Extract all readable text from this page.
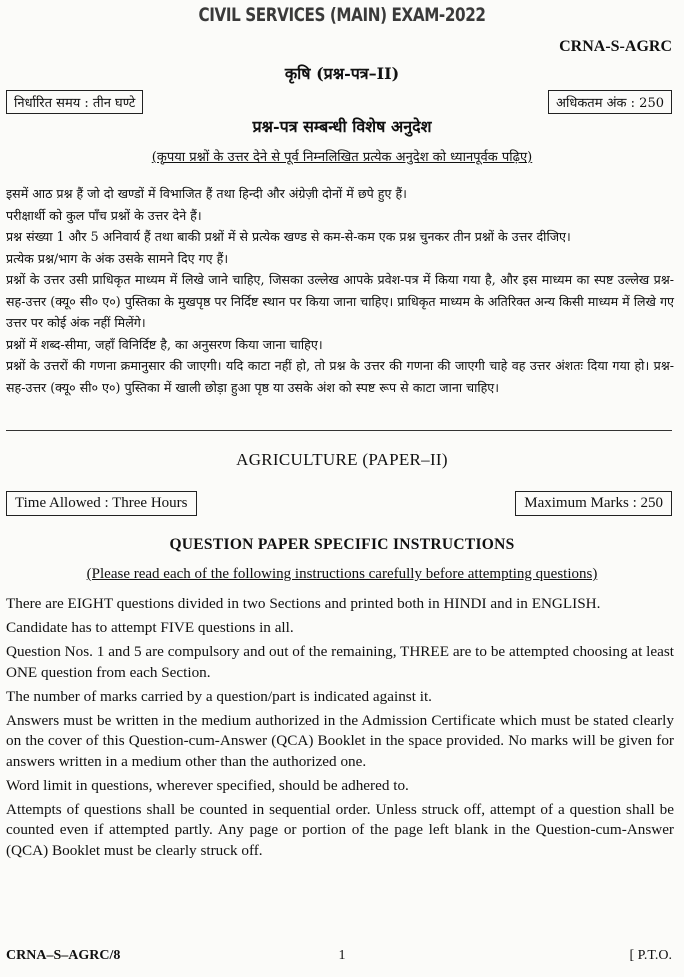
CIVIL SERVICES (MAIN) EXAM-2022
CRNA-S-AGRC
कृषि (प्रश्न-पत्र–II)
निर्धारित समय : तीन घण्टे	अधिकतम अंक : 250
प्रश्न-पत्र सम्बन्धी विशेष अनुदेश
(कृपया प्रश्नों के उत्तर देने से पूर्व निम्नलिखित प्रत्येक अनुदेश को ध्यानपूर्वक पढ़िए)

इसमें आठ प्रश्न हैं जो दो खण्डों में विभाजित हैं तथा हिन्दी और अंग्रेज़ी दोनों में छपे हुए हैं।

परीक्षार्थी को कुल पाँच प्रश्नों के उत्तर देने हैं।

प्रश्न संख्या 1 और 5 अनिवार्य हैं तथा बाकी प्रश्नों में से प्रत्येक खण्ड से कम-से-कम एक प्रश्न चुनकर तीन प्रश्नों के उत्तर दीजिए।

प्रत्येक प्रश्न/भाग के अंक उसके सामने दिए गए हैं।

प्रश्नों के उत्तर उसी प्राधिकृत माध्यम में लिखे जाने चाहिए, जिसका उल्लेख आपके प्रवेश-पत्र में किया गया है, और इस माध्यम का स्पष्ट उल्लेख प्रश्न-सह-उत्तर (क्यू० सी० ए०) पुस्तिका के मुखपृष्ठ पर निर्दिष्ट स्थान पर किया जाना चाहिए। प्राधिकृत माध्यम के अतिरिक्त अन्य किसी माध्यम में लिखे गए उत्तर पर कोई अंक नहीं मिलेंगे।

प्रश्नों में शब्द-सीमा, जहाँ विनिर्दिष्ट है, का अनुसरण किया जाना चाहिए।

प्रश्नों के उत्तरों की गणना क्रमानुसार की जाएगी। यदि काटा नहीं हो, तो प्रश्न के उत्तर की गणना की जाएगी चाहे वह उत्तर अंशतः दिया गया हो। प्रश्न-सह-उत्तर (क्यू० सी० ए०) पुस्तिका में खाली छोड़ा हुआ पृष्ठ या उसके अंश को स्पष्ट रूप से काटा जाना चाहिए।

AGRICULTURE (PAPER–II)
Time Allowed : Three Hours	Maximum Marks : 250
QUESTION PAPER SPECIFIC INSTRUCTIONS
(Please read each of the following instructions carefully before attempting questions)

There are EIGHT questions divided in two Sections and printed both in HINDI and in ENGLISH.

Candidate has to attempt FIVE questions in all.

Question Nos. 1 and 5 are compulsory and out of the remaining, THREE are to be attempted choosing at least ONE question from each Section.

The number of marks carried by a question/part is indicated against it.

Answers must be written in the medium authorized in the Admission Certificate which must be stated clearly on the cover of this Question-cum-Answer (QCA) Booklet in the space provided. No marks will be given for answers written in a medium other than the authorized one.

Word limit in questions, wherever specified, should be adhered to.

Attempts of questions shall be counted in sequential order. Unless struck off, attempt of a question shall be counted even if attempted partly. Any page or portion of the page left blank in the Question-cum-Answer (QCA) Booklet must be clearly struck off.

CRNA–S–AGRC/8	1	[ P.T.O.
